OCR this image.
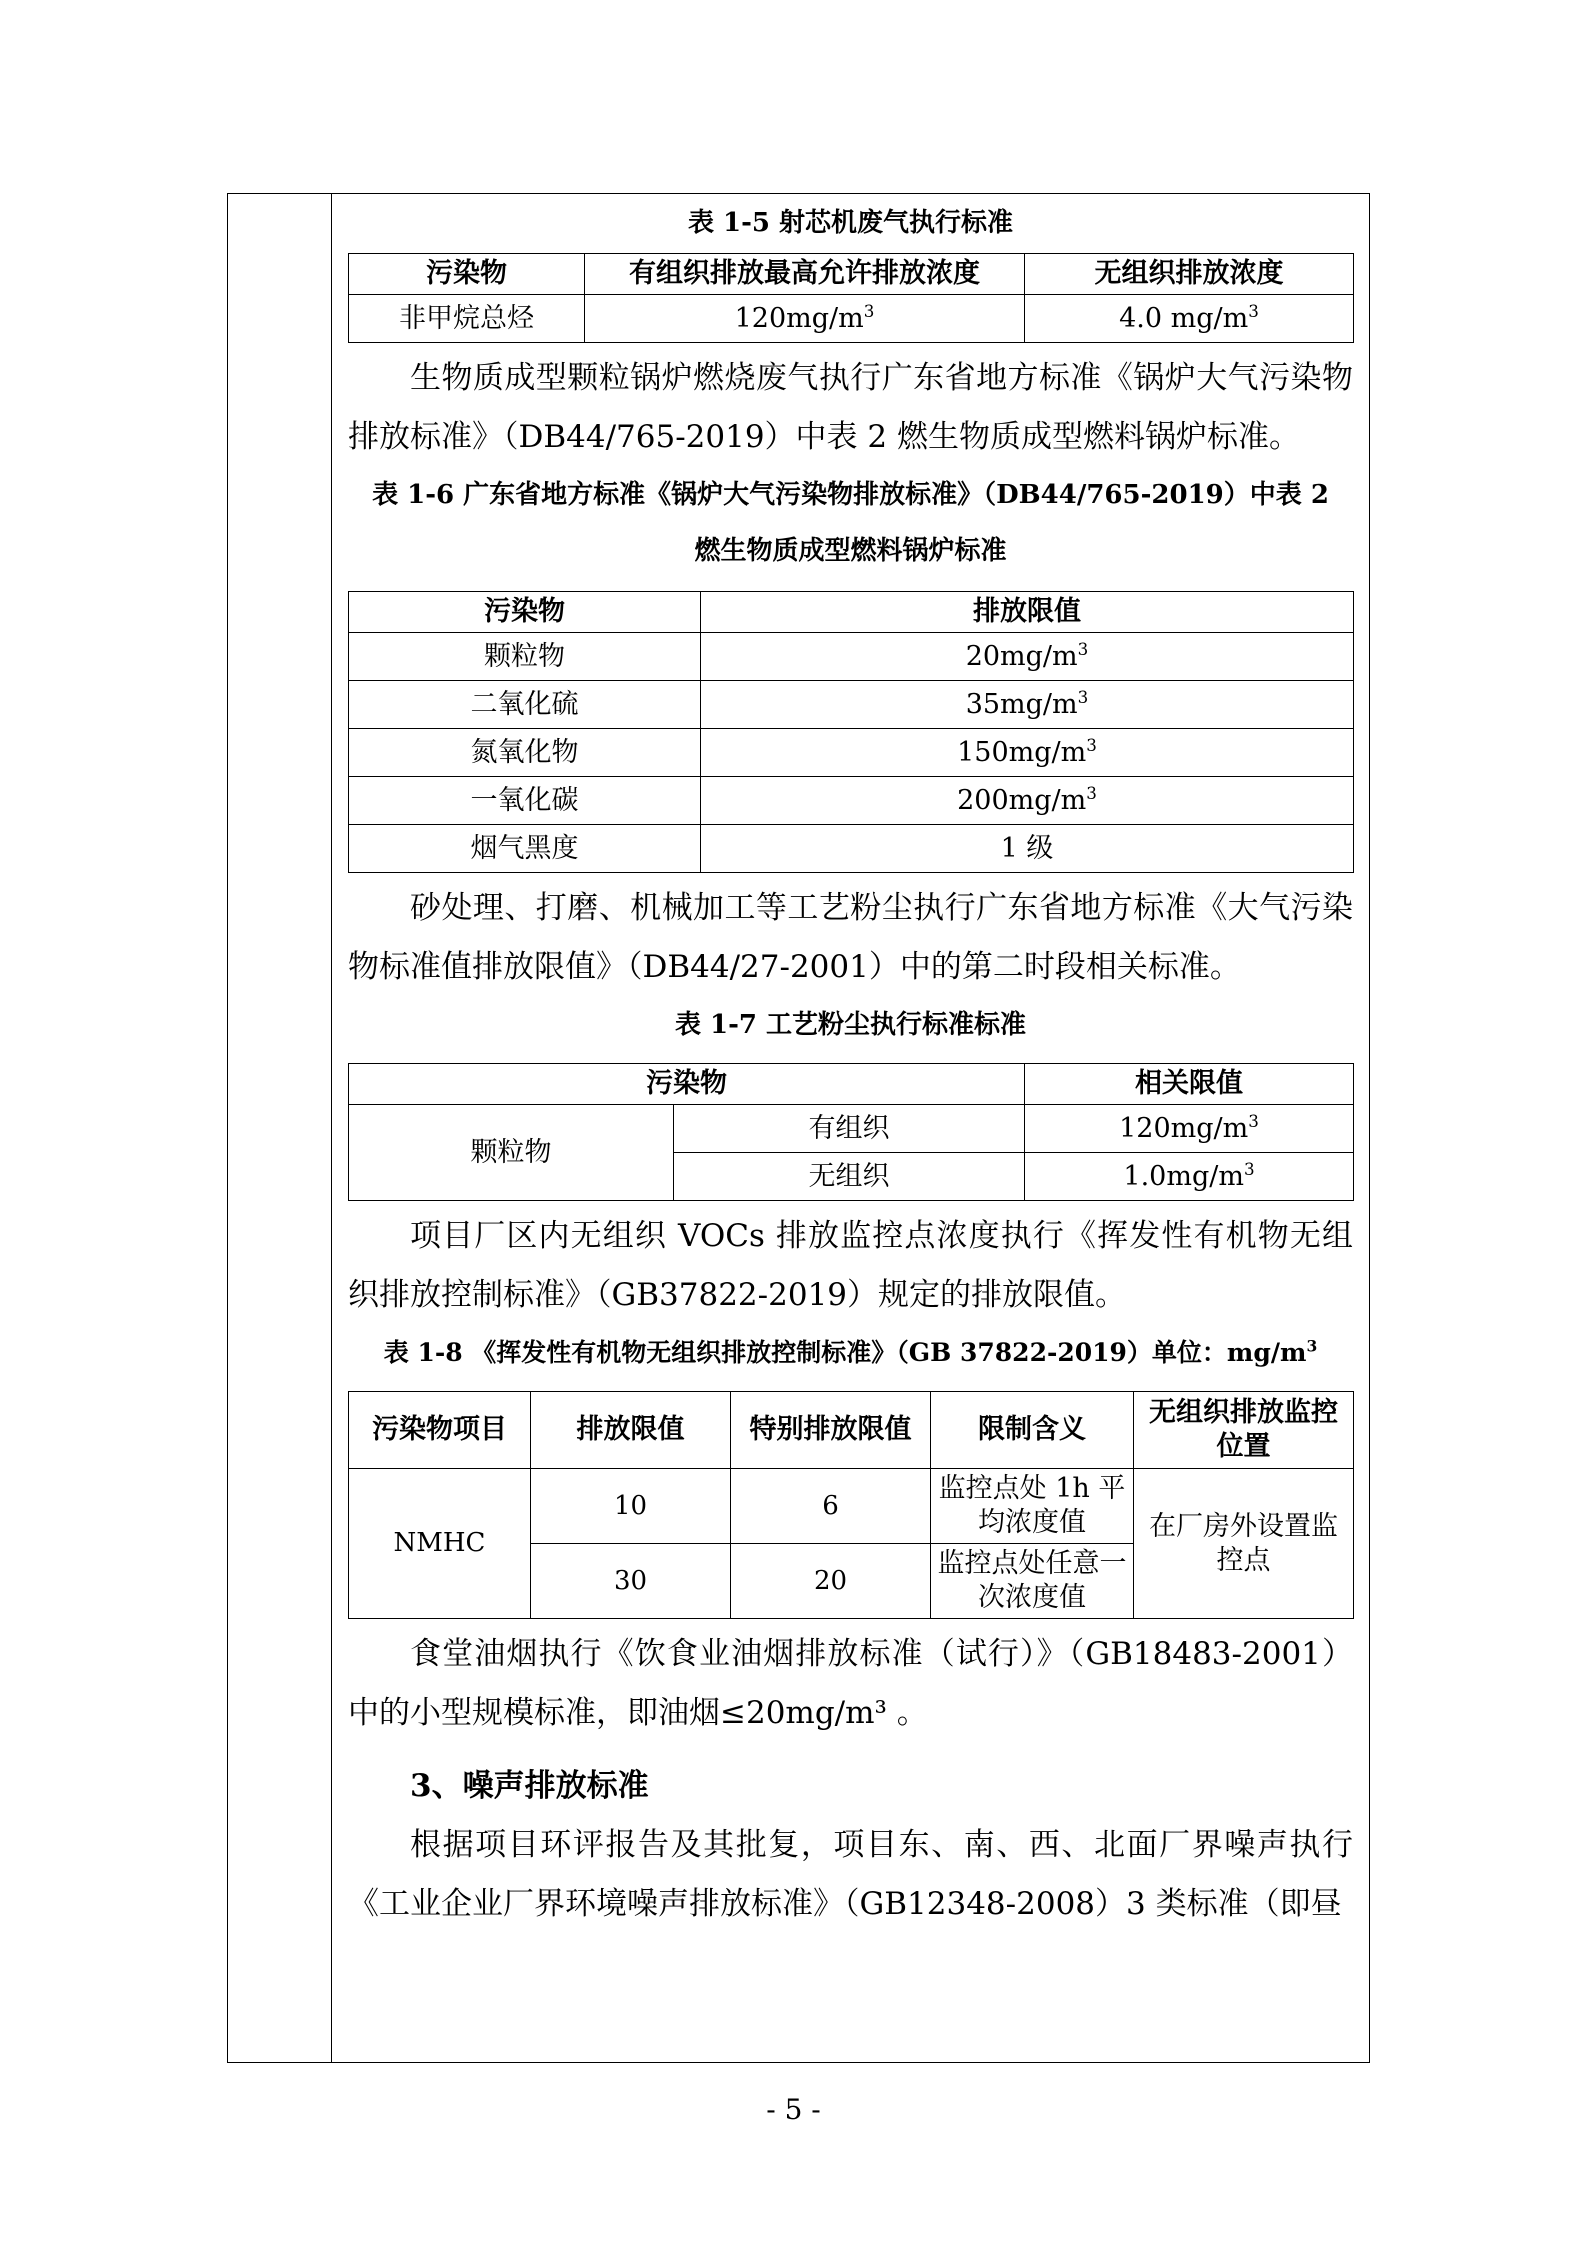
表 1-5 射芯机废气执行标准
污染物	有组织排放最高允许排放浓度	无组织排放浓度
非甲烷总烃	$120mg/m^3$	4.0 $mg/m^3$
生物质成型颗粒锅炉燃烧废气执行广东省地方标准《锅炉大气污染物排放标准》（DB44/765-2019）中表 2 燃生物质成型燃料锅炉标准。
表 1-6 广东省地方标准《锅炉大气污染物排放标准》（DB44/765-2019）中表 2
燃生物质成型燃料锅炉标准
污染物	排放限值
颗粒物	$20mg/m^3$
二氧化硫	$35mg/m^3$
氮氧化物	$150mg/m^3$
一氧化碳	$200mg/m^3$
烟气黑度	1 级
砂处理、打磨、机械加工等工艺粉尘执行广东省地方标准《大气污染物标准值排放限值》（DB44/27-2001）中的第二时段相关标准。
表 1-7 工艺粉尘执行标准标准
污染物		相关限值
颗粒物	有组织	$120mg/m^3$
	无组织	$1.0mg/m^3$
项目厂区内无组织 VOCs 排放监控点浓度执行《挥发性有机物无组织排放控制标准》（GB37822-2019）规定的排放限值。
表 1-8 《挥发性有机物无组织排放控制标准》（GB 37822-2019）单位：$mg/m^3$
污染物项目	排放限值	特别排放限值	限制含义	无组织排放监控位置
NMHC	10	6	监控点处 1h 平均浓度值	在厂房外设置监控点
	30	20	监控点处任意一次浓度值	
食堂油烟执行《饮食业油烟排放标准（试行）》（GB18483-2001）中的小型规模标准，即油烟≤20mg/m³ 。
3、噪声排放标准
根据项目环评报告及其批复，项目东、南、西、北面厂界噪声执行《工业企业厂界环境噪声排放标准》（GB12348-2008）3 类标准（即昼
- 5 -
